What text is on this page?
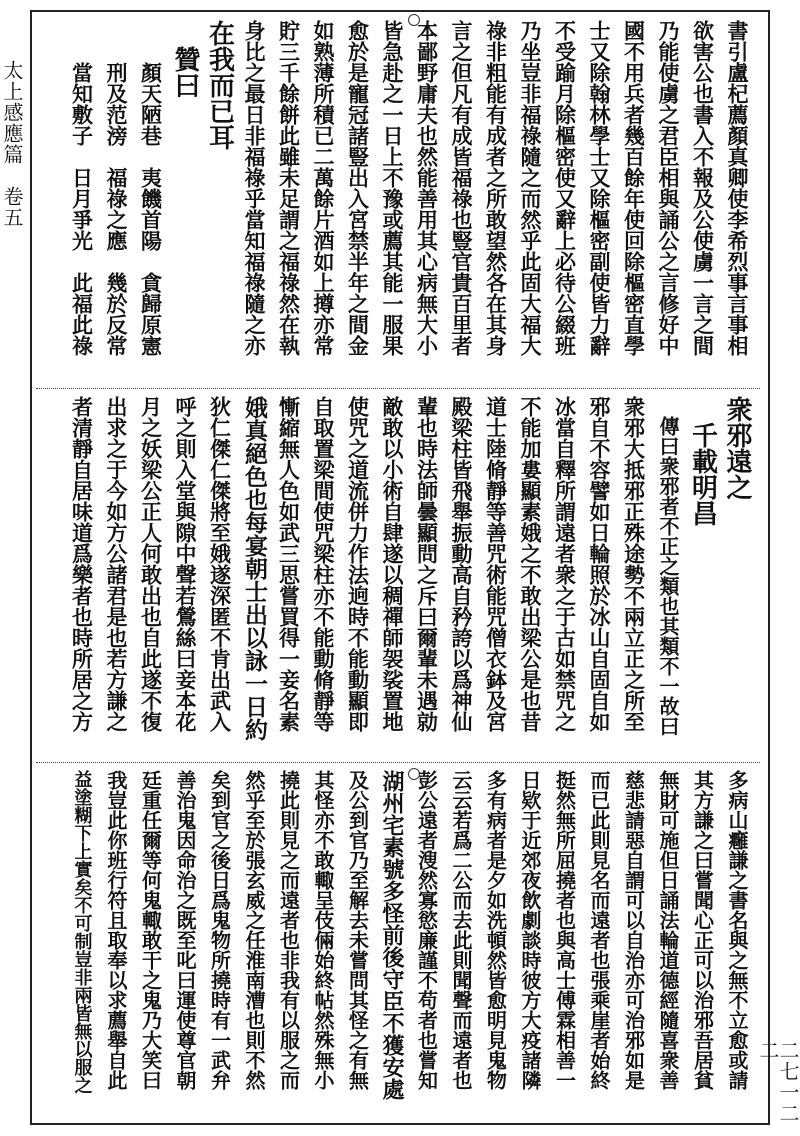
太上感應篇　卷五
二七一二二
書引盧杞薦顏真卿使李希烈事言事相
欲害公也書入不報及公使虜一言之間
乃能使虜之君臣相與誦公之言修好中
國不用兵者幾百餘年使回除樞密直學
士又除翰林學士又除樞密副使皆力辭
不受踰月除樞密使又辭上必待公綴班
乃坐豈非福祿隨之而然乎此固大福大
祿非粗能有成者之所敢望然各在其身
言之但凡有成皆福祿也豎官貴百里者
本鄙野庸夫也然能善用其心病無大小
皆急赴之一日上不豫或薦其能一服果
愈於是寵冠諸豎出入宮禁半年之間金
如熟薄所積已二萬餘片酒如上撙亦常
貯三千餘餅此雖未足謂之福祿然在執
身比之最日非福祿乎當知福祿隨之亦
在我而已耳
　贊曰
　　顏天陋巷　夷饑首陽　貪歸原憲
　　刑及范滂　福祿之應　幾於反常
　　當知敷子　日月爭光　此福此祿
衆邪遠之
　千載明昌
　傳曰衆邪者不正之類也其類不一故曰
衆邪大抵邪正殊途勢不兩立正之所至
邪自不容譬如日輪照於冰山自固自如
冰當自釋所謂遠者衆之于古如禁咒之
不能加婁顯素娥之不敢出梁公是也昔
道士陸脩靜等善咒術能咒僧衣鉢及宮
殿梁柱皆飛舉振動高自矜誇以爲神仙
輩也時法師曇顯問之斥曰爾輩未遇勍
敵敢以小術自肆遂以稠禪師袈裟置地
使咒之道流併力作法逈時不能動顯即
自取置梁間使咒梁柱亦不能動脩靜等
慚縮無人色如武三思嘗買得一妾名素
娥真絕色也每宴朝士出以詠一日約
狄仁傑仁傑將至娥遂深匿不肯出武入
呼之則入堂與隙中聲若鶯絲曰妾本花
月之妖梁公正人何敢出也自此遂不復
出求之于今如方公諸君是也若方謙之
者清靜自居味道爲樂者也時所居之方
多病山癰謙之書名與之無不立愈或請
其方謙之曰嘗聞心正可以治邪吾居貧
無財可施但日誦法輪道德經隨喜衆善
慈悲請惡自謂可以自治亦可治邪如是
而已此則見名而遠者也張乘崖者始終
挺然無所屈撓者也與高士傅霖相善一
日欵于近郊夜飲劇談時彼方大疫諸隣
多有病者是夕如洗頓然皆愈明見鬼物
云云若爲二公而去此則聞聲而遠者也
彭公遠者溲然寡慾廉謹不苟者也嘗知
湖州宅素號多怪前後守臣不獲安處
及公到官乃至解去未嘗問其怪之有無
其怪亦不敢輙呈伎倆始終帖然殊無小
撓此則見之而遠者也非我有以服之而
然乎至於張玄威之任淮南漕也則不然
矣到官之後日爲鬼物所撓時有一武弁
善治鬼因命治之既至叱曰運使尊官朝
廷重任爾等何鬼輙敢干之鬼乃大笑曰
我豈此你班行符且取奉以求薦舉自此
益塗糊下上實矣不可制豈非兩皆無以服之
